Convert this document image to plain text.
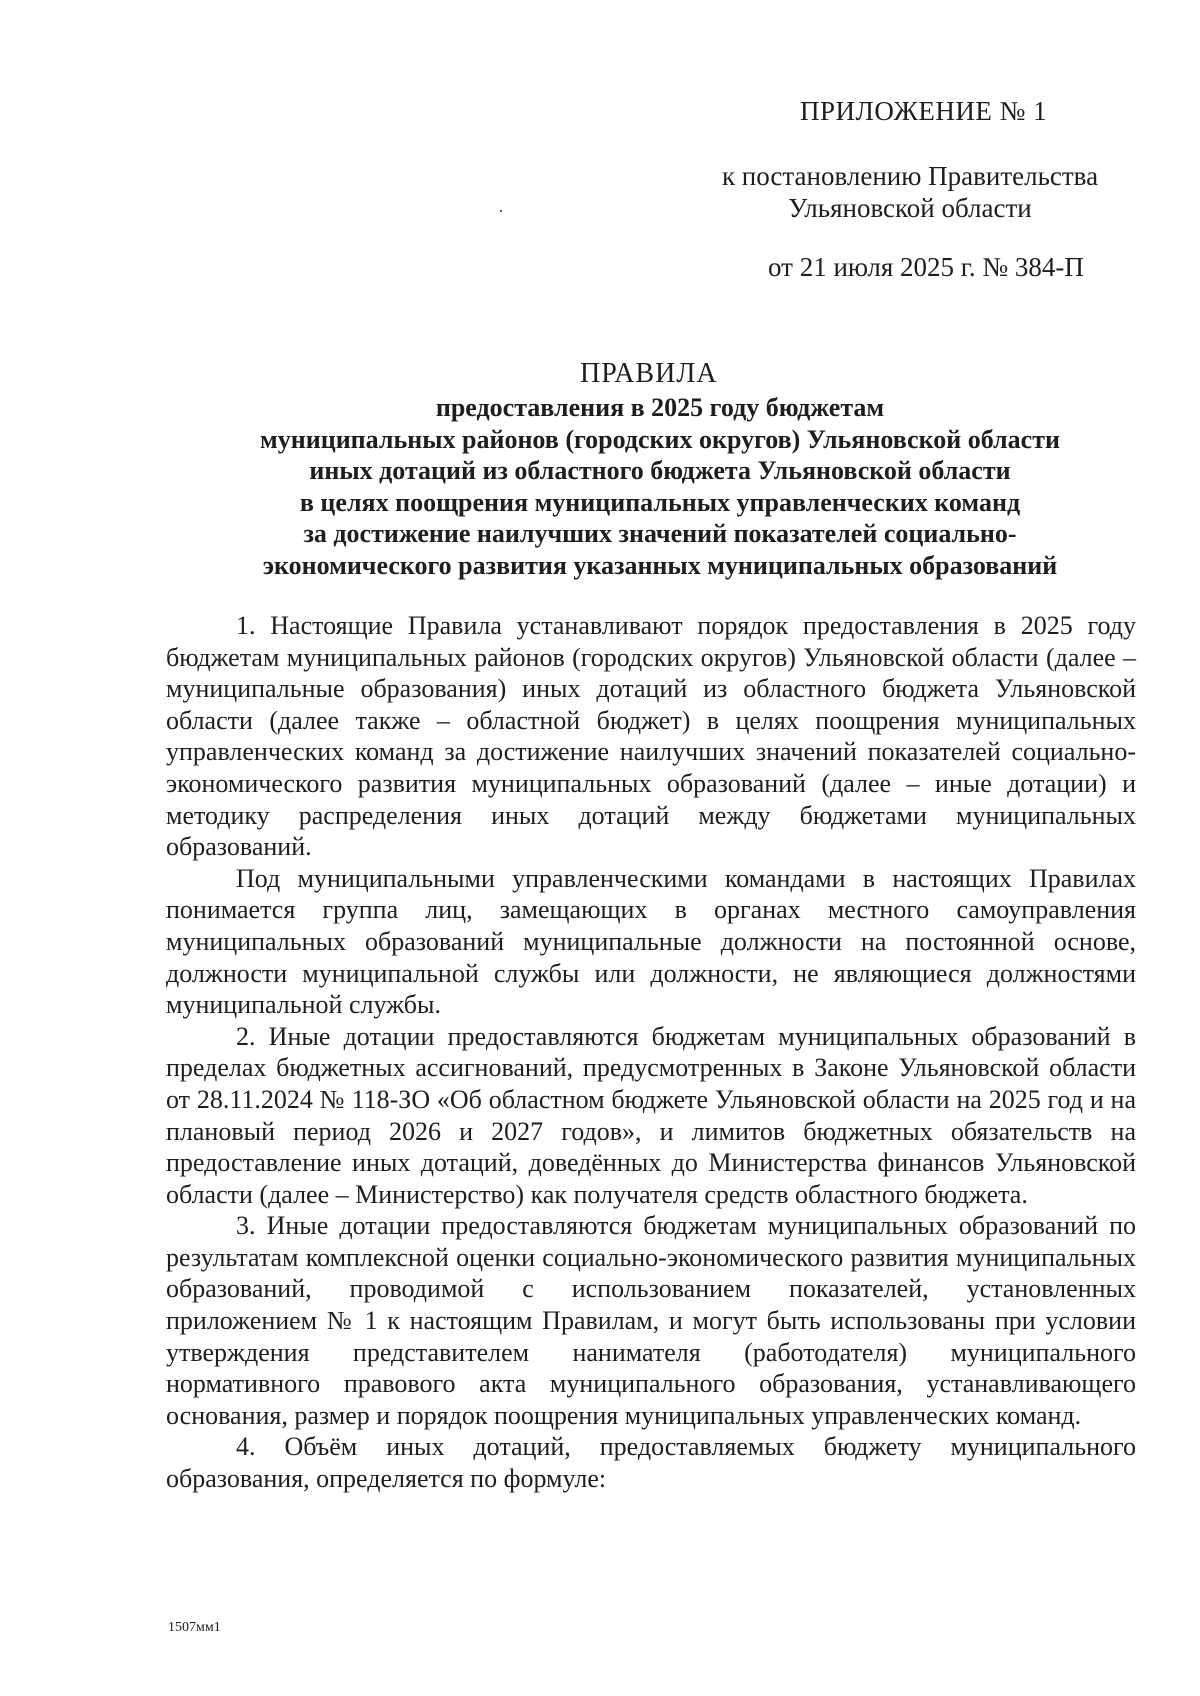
ПРИЛОЖЕНИЕ № 1
к постановлению Правительства
Ульяновской области
от 21 июля 2025 г. № 384-П
ПРАВИЛА
предоставления в 2025 году бюджетам
муниципальных районов (городских округов) Ульяновской области
иных дотаций из областного бюджета Ульяновской области
в целях поощрения муниципальных управленческих команд
за достижение наилучших значений показателей социально-
экономического развития указанных муниципальных образований

1. Настоящие Правила устанавливают порядок предоставления в 2025 году бюджетам муниципальных районов (городских округов) Ульяновской области (далее – муниципальные образования) иных дотаций из областного бюджета Ульяновской области (далее также – областной бюджет) в целях поощрения муниципальных управленческих команд за достижение наилучших значений показателей социально-экономического развития муниципальных образований (далее – иные дотации) и методику распределения иных дотаций между бюджетами муниципальных образований.

Под муниципальными управленческими командами в настоящих Правилах понимается группа лиц, замещающих в органах местного самоуправления муниципальных образований муниципальные должности на постоянной основе, должности муниципальной службы или должности, не являющиеся должностями муниципальной службы.

2. Иные дотации предоставляются бюджетам муниципальных образований в пределах бюджетных ассигнований, предусмотренных в Законе Ульяновской области от 28.11.2024 № 118-ЗО «Об областном бюджете Ульяновской области на 2025 год и на плановый период 2026 и 2027 годов», и лимитов бюджетных обязательств на предоставление иных дотаций, доведённых до Министерства финансов Ульяновской области (далее – Министерство) как получателя средств областного бюджета.

3. Иные дотации предоставляются бюджетам муниципальных образований по результатам комплексной оценки социально-экономического развития муниципальных образований, проводимой с использованием показателей, установленных приложением № 1 к настоящим Правилам, и могут быть использованы при условии утверждения представителем нанимателя (работодателя) муниципального нормативного правового акта муниципального образования, устанавливающего основания, размер и порядок поощрения муниципальных управленческих команд.

4. Объём иных дотаций, предоставляемых бюджету муниципального образования, определяется по формуле:

1507мм1
